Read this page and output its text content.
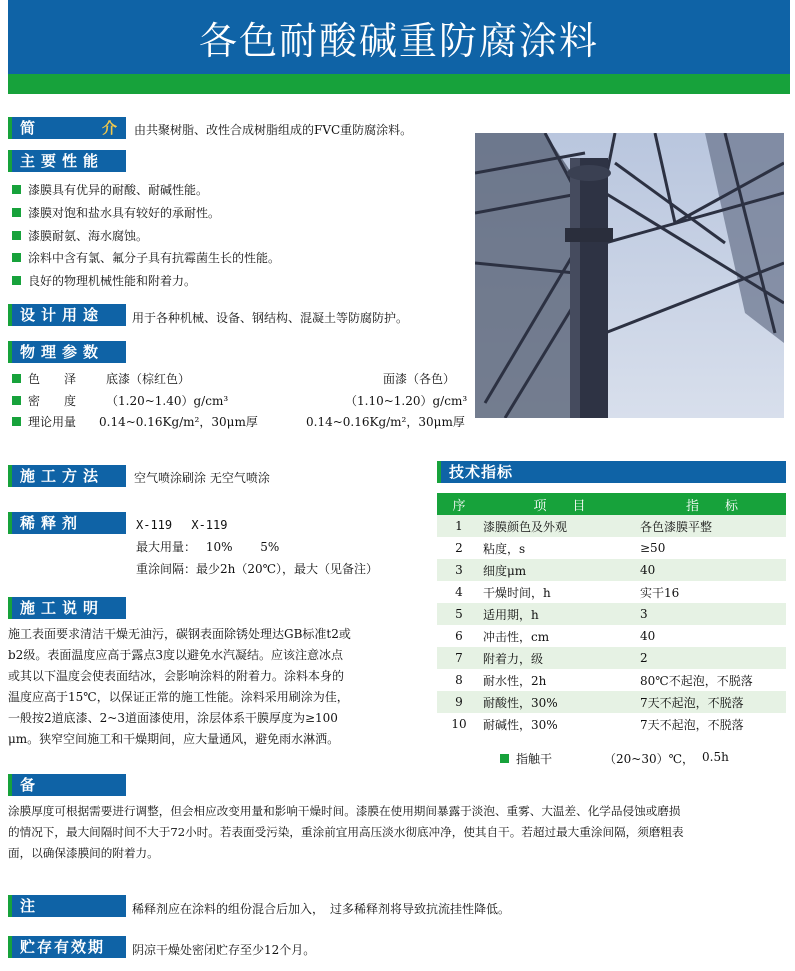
各色耐酸碱重防腐涂料
简	介 由共聚树脂、改性合成树脂组成的FVC重防腐涂料。
主要性能
漆膜具有优异的耐酸、耐碱性能。
漆膜对饱和盐水具有较好的承耐性。
漆膜耐氨、海水腐蚀。
涂料中含有氯、氟分子具有抗霉菌生长的性能。
良好的物理机械性能和附着力。
设计用途	用于各种机械、设备、钢结构、混凝土等防腐防护。
物理参数
色　　泽 底漆（棕红色）	面漆（各色）
密　　度 （1.20~1.40）g/cm³	（1.10~1.20）g/cm³
理论用量 0.14~0.16Kg/m²，30μm厚	0.14~0.16Kg/m²，30μm厚
施工方法	空气喷涂刷涂 无空气喷涂
稀释剂	X-119　 X-119
最大用量：　 10%　　 5%
重涂间隔：最少2h（20℃），最大（见备注）
施工说明
施工表面要求清洁干燥无油污，碳钢表面除锈处理达GB标准t2或
b2级。表面温度应高于露点3度以避免水汽凝结。应该注意冰点
或其以下温度会使表面结冰，会影响涂料的附着力。涂料本身的
温度应高于15℃，以保证正常的施工性能。涂料采用刷涂为佳，
一般按2道底漆、2~3道面漆使用，涂层体系干膜厚度为≥100
μm。狭窄空间施工和干燥期间，应大量通风，避免雨水淋洒。
技术指标
序	项　　目	指　　标
1	漆膜颜色及外观	各色漆膜平整
2	粘度，s	≥50
3	细度μm	40
4	干燥时间，h	实干16
5	适用期，h	3
6	冲击性，cm	40
7	附着力，级	2
8	耐水性，2h	80℃不起泡，不脱落
9	耐酸性，30%	7天不起泡，不脱落
10	耐碱性，30%	7天不起泡，不脱落
指触干	（20~30）℃， 0.5h
备
涂膜厚度可根据需要进行调整，但会相应改变用量和影响干燥时间。漆膜在使用期间暴露于淡泡、重雾、大温差、化学品侵蚀或磨损
的情况下，最大间隔时间不大于72小时。若表面受污染，重涂前宜用高压淡水彻底冲净，使其自干。若超过最大重涂间隔，须磨粗表
面，以确保漆膜间的附着力。
注	稀释剂应在涂料的组份混合后加入，　过多稀释剂将导致抗流挂性降低。
贮存有效期	阴凉干燥处密闭贮存至少12个月。
